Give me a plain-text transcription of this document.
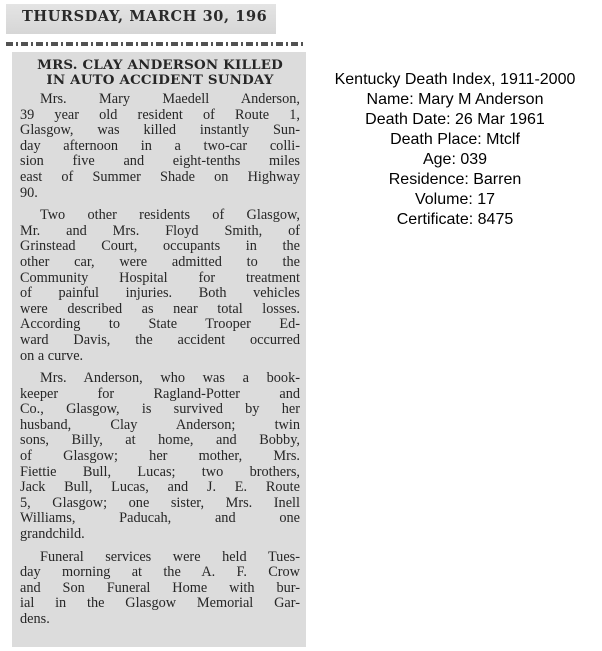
THURSDAY, MARCH 30, 196
MRS. CLAY ANDERSON KILLED
IN AUTO ACCIDENT SUNDAY
Mrs. Mary Maedell Anderson,
39 year old resident of Route 1,
Glasgow, was killed instantly Sun-
day afternoon in a two-car colli-
sion five and eight-tenths miles
east of Summer Shade on Highway
90.
Two other residents of Glasgow,
Mr. and Mrs. Floyd Smith, of
Grinstead Court, occupants in the
other car, were admitted to the
Community Hospital for treatment
of painful injuries. Both vehicles
were described as near total losses.
According to State Trooper Ed-
ward Davis, the accident occurred
on a curve.
Mrs. Anderson, who was a book-
keeper for Ragland-Potter and
Co., Glasgow, is survived by her
husband, Clay Anderson; twin
sons, Billy, at home, and Bobby,
of Glasgow; her mother, Mrs.
Fiettie Bull, Lucas; two brothers,
Jack Bull, Lucas, and J. E. Route
5, Glasgow; one sister, Mrs. Inell
Williams, Paducah, and one
grandchild.
Funeral services were held Tues-
day morning at the A. F. Crow
and Son Funeral Home with bur-
ial in the Glasgow Memorial Gar-
dens.
Kentucky Death Index, 1911-2000
Name: Mary M Anderson
Death Date: 26 Mar 1961
Death Place: Mtclf
Age: 039
Residence: Barren
Volume: 17
Certificate: 8475
